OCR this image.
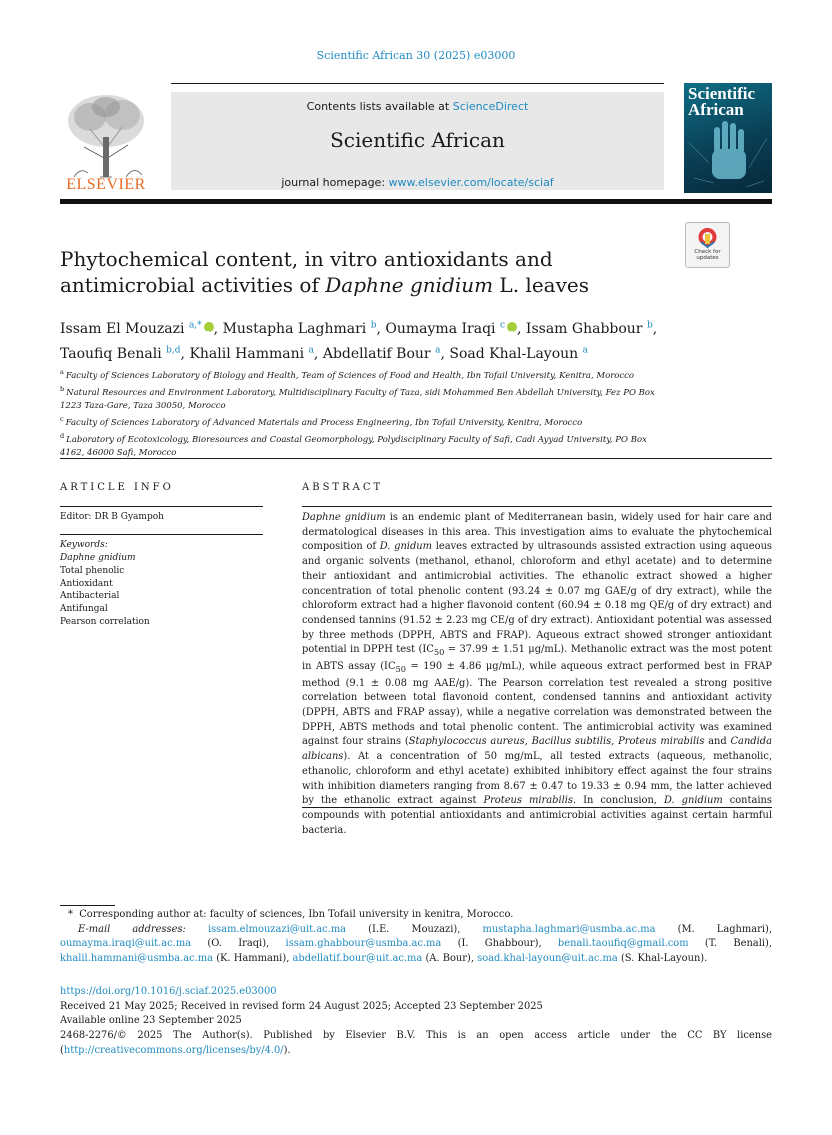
Scientific African 30 (2025) e03000
ELSEVIER
Contents lists available at ScienceDirect
Scientific African
journal homepage: www.elsevier.com/locate/sciaf
Scientific
African
Check for updates
Phytochemical content, in vitro antioxidants and antimicrobial activities of Daphne gnidium L. leaves
Issam El Mouzazi $^{a,*}$ iD , Mustapha Laghmari $^b$, Oumayma Iraqi $^c$ iD , Issam Ghabbour $^b$,
Taoufiq Benali $^{b,d}$, Khalil Hammani $^a$, Abdellatif Bour $^a$, Soad Khal-Layoun $^a$
$^a$ Faculty of Sciences Laboratory of Biology and Health, Team of Sciences of Food and Health, Ibn Tofail University, Kenitra, Morocco
$^b$ Natural Resources and Environment Laboratory, Multidisciplinary Faculty of Taza, sidi Mohammed Ben Abdellah University, Fez PO Box 1223 Taza-Gare, Taza 30050, Morocco
$^c$ Faculty of Sciences Laboratory of Advanced Materials and Process Engineering, Ibn Tofail University, Kenitra, Morocco
$^d$ Laboratory of Ecotoxicology, Bioresources and Coastal Geomorphology, Polydisciplinary Faculty of Safi, Cadi Ayyad University, PO Box 4162, 46000 Safi, Morocco
ARTICLE INFO
Editor: DR B Gyampoh
Keywords:
Daphne gnidium
Total phenolic
Antioxidant
Antibacterial
Antifungal
Pearson correlation
ABSTRACT
Daphne gnidium is an endemic plant of Mediterranean basin, widely used for hair care and dermatological diseases in this area. This investigation aims to evaluate the phytochemical composition of D. gnidum leaves extracted by ultrasounds assisted extraction using aqueous and organic solvents (methanol, ethanol, chloroform and ethyl acetate) and to determine their antioxidant and antimicrobial activities. The ethanolic extract showed a higher concentration of total phenolic content (93.24 ± 0.07 mg GAE/g of dry extract), while the chloroform extract had a higher flavonoid content (60.94 ± 0.18 mg QE/g of dry extract) and condensed tannins (91.52 ± 2.23 mg CE/g of dry extract). Antioxidant potential was assessed by three methods (DPPH, ABTS and FRAP). Aqueous extract showed stronger antioxidant potential in DPPH test ($IC_{50} = 37.99 \pm 1.51$ μg/mL). Methanolic extract was the most potent in ABTS assay ($IC_{50} = 190 \pm 4.86$ μg/mL), while aqueous extract performed best in FRAP method (9.1 ± 0.08 mg AAE/g). The Pearson correlation test revealed a strong positive correlation between total flavonoid content, condensed tannins and antioxidant activity (DPPH, ABTS and FRAP assay), while a negative correlation was demonstrated between the DPPH, ABTS methods and total phenolic content. The antimicrobial activity was examined against four strains (Staphylococcus aureus, Bacillus subtilis, Proteus mirabilis and Candida albicans). At a concentration of 50 mg/mL, all tested extracts (aqueous, methanolic, ethanolic, chloroform and ethyl acetate) exhibited inhibitory effect against the four strains with inhibition diameters ranging from 8.67 ± 0.47 to 19.33 ± 0.94 mm, the latter achieved by the ethanolic extract against Proteus mirabilis. In conclusion, D. gnidium contains compounds with potential antioxidants and antimicrobial activities against certain harmful bacteria.
*  Corresponding author at: faculty of sciences, Ibn Tofail university in kenitra, Morocco.
E-mail addresses: issam.elmouzazi@uit.ac.ma (I.E. Mouzazi), mustapha.laghmari@usmba.ac.ma (M. Laghmari), oumayma.iraqi@uit.ac.ma (O. Iraqi), issam.ghabbour@usmba.ac.ma (I. Ghabbour), benali.taoufiq@gmail.com (T. Benali), khalil.hammani@usmba.ac.ma (K. Hammani), abdellatif.bour@uit.ac.ma (A. Bour), soad.khal-layoun@uit.ac.ma (S. Khal-Layoun).
https://doi.org/10.1016/j.sciaf.2025.e03000
Received 21 May 2025; Received in revised form 24 August 2025; Accepted 23 September 2025
Available online 23 September 2025
2468-2276/© 2025 The Author(s). Published by Elsevier B.V. This is an open access article under the CC BY license (http://creativecommons.org/licenses/by/4.0/).
